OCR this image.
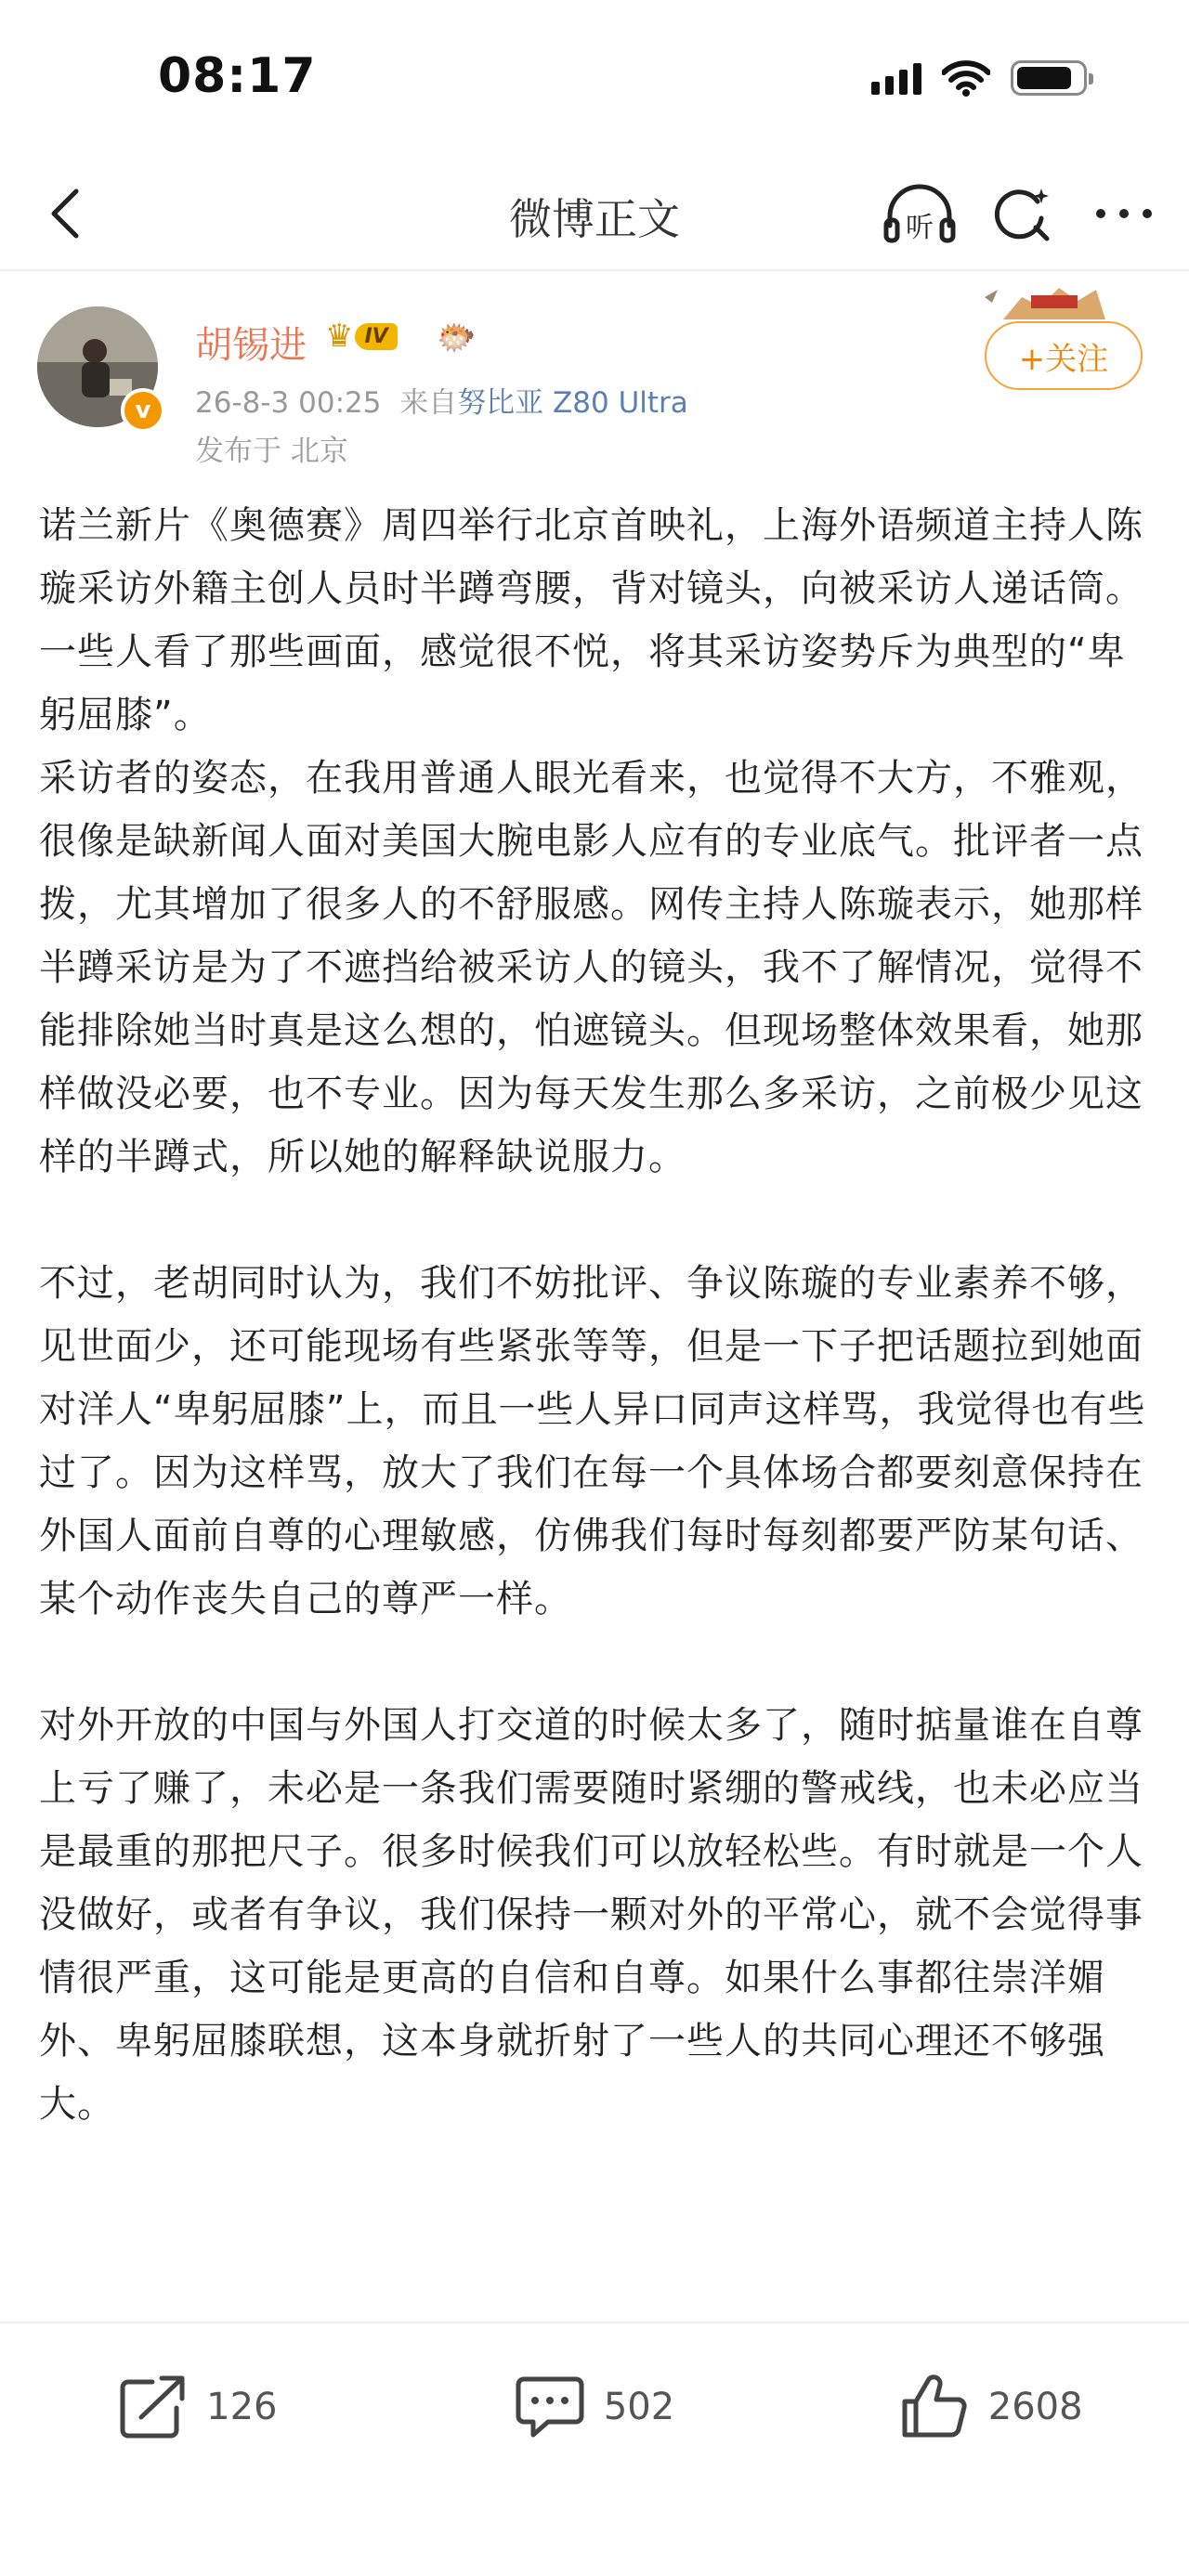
08:17
微博正文	听
v
胡锡进 ♛ IV 🐡
26-8-3 00:25 来自努比亚 Z80 Ultra
发布于 北京
+关注

诺兰新片《奥德赛》周四举行北京首映礼，上海外语频道主持人陈璇采访外籍主创人员时半蹲弯腰，背对镜头，向被采访人递话筒。一些人看了那些画面，感觉很不悦，将其采访姿势斥为典型的“卑躬屈膝”。

采访者的姿态，在我用普通人眼光看来，也觉得不大方，不雅观，很像是缺新闻人面对美国大腕电影人应有的专业底气。批评者一点拨，尤其增加了很多人的不舒服感。网传主持人陈璇表示，她那样半蹲采访是为了不遮挡给被采访人的镜头，我不了解情况，觉得不能排除她当时真是这么想的，怕遮镜头。但现场整体效果看，她那样做没必要，也不专业。因为每天发生那么多采访，之前极少见这样的半蹲式，所以她的解释缺说服力。

不过，老胡同时认为，我们不妨批评、争议陈璇的专业素养不够，见世面少，还可能现场有些紧张等等，但是一下子把话题拉到她面对洋人“卑躬屈膝”上，而且一些人异口同声这样骂，我觉得也有些过了。因为这样骂，放大了我们在每一个具体场合都要刻意保持在外国人面前自尊的心理敏感，仿佛我们每时每刻都要严防某句话、某个动作丧失自己的尊严一样。

对外开放的中国与外国人打交道的时候太多了，随时掂量谁在自尊上亏了赚了，未必是一条我们需要随时紧绷的警戒线，也未必应当是最重的那把尺子。很多时候我们可以放轻松些。有时就是一个人没做好，或者有争议，我们保持一颗对外的平常心，就不会觉得事情很严重，这可能是更高的自信和自尊。如果什么事都往崇洋媚外、卑躬屈膝联想，这本身就折射了一些人的共同心理还不够强大。

126	502	2608
